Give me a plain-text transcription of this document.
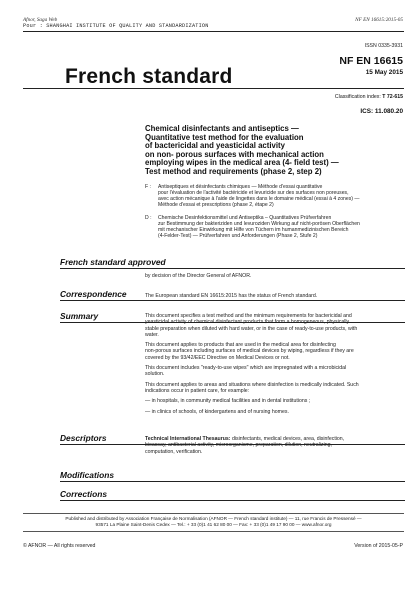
Afnor, Saga Web
Pour : SHANGHAI INSTITUTE OF QUALITY AND STANDARDIZATION
NF EN 16615:2015-05
ISSN 0335-3931
French standard
NF EN 16615
15 May 2015
Classification index: T 72-615
ICS: 11.080.20
Chemical disinfectants and antiseptics —
Quantitative test method for the evaluation
of bactericidal and yeasticidal activity
on non- porous surfaces with mechanical action
employing wipes in the medical area (4- field test) —
Test method and requirements (phase 2, step 2)
F : Antiseptiques et désinfectants chimiques — Méthode d'essai quantitative
pour l'évaluation de l'activité bactéricide et levuricide sur des surfaces non poreuses,
avec action mécanique à l'aide de lingettes dans le domaine médical (essai à 4 zones) —
Méthode d'essai et prescriptions (phase 2, étape 2)
D : Chemische Desinfektionsmittel und Antiseptika – Quantitatives Prüfverfahren
zur Bestimmung der bakteriziden und levuroziden Wirkung auf nicht-porösen Oberflächen
mit mechanischer Einwirkung mit Hilfe von Tüchern im humanmedizinischen Bereich
(4-Felder-Test) — Prüfverfahren und Anforderungen (Phase 2, Stufe 2)
French standard approved
by decision of the Director General of AFNOR.
Correspondence	The European standard EN 16615:2015 has the status of French standard.
Summary	This document specifies a test method and the minimum requirements for bactericidal and
yeasticidal activity of chemical disinfectant products that form a homogeneous, physically
stable preparation when diluted with hard water, or in the case of ready-to-use products, with
water.
This document applies to products that are used in the medical area for disinfecting
non-porous surfaces including surfaces of medical devices by wiping, regardless if they are
covered by the 93/42/EEC Directive on Medical Devices or not.
This document includes "ready-to-use wipes" which are impregnated with a microbicidal
solution.
This document applies to areas and situations where disinfection is medically indicated. Such
indications occur in patient care, for example:
— in hospitals, in community medical facilities and in dental institutions ;
— in clinics of schools, of kindergartens and of nursing homes.
Descriptors	Technical International Thesaurus: disinfectants, medical devices, area, disinfection,
bioassay, antibacterial activity, microorganisme, preparation, dilution, neutralizing,
computation, verification.
Modifications
Corrections
Published and distributed by Association Française de Normalisation (AFNOR — French standard institute) — 11, rue Francis de Pressensé —
93571 La Plaine Saint-Denis Cedex — Tel.: + 33 (0)1 41 62 80 00 — Fax: + 33 (0)1 49 17 90 00 — www.afnor.org
© AFNOR — All rights reserved	Version of 2015-05-P
